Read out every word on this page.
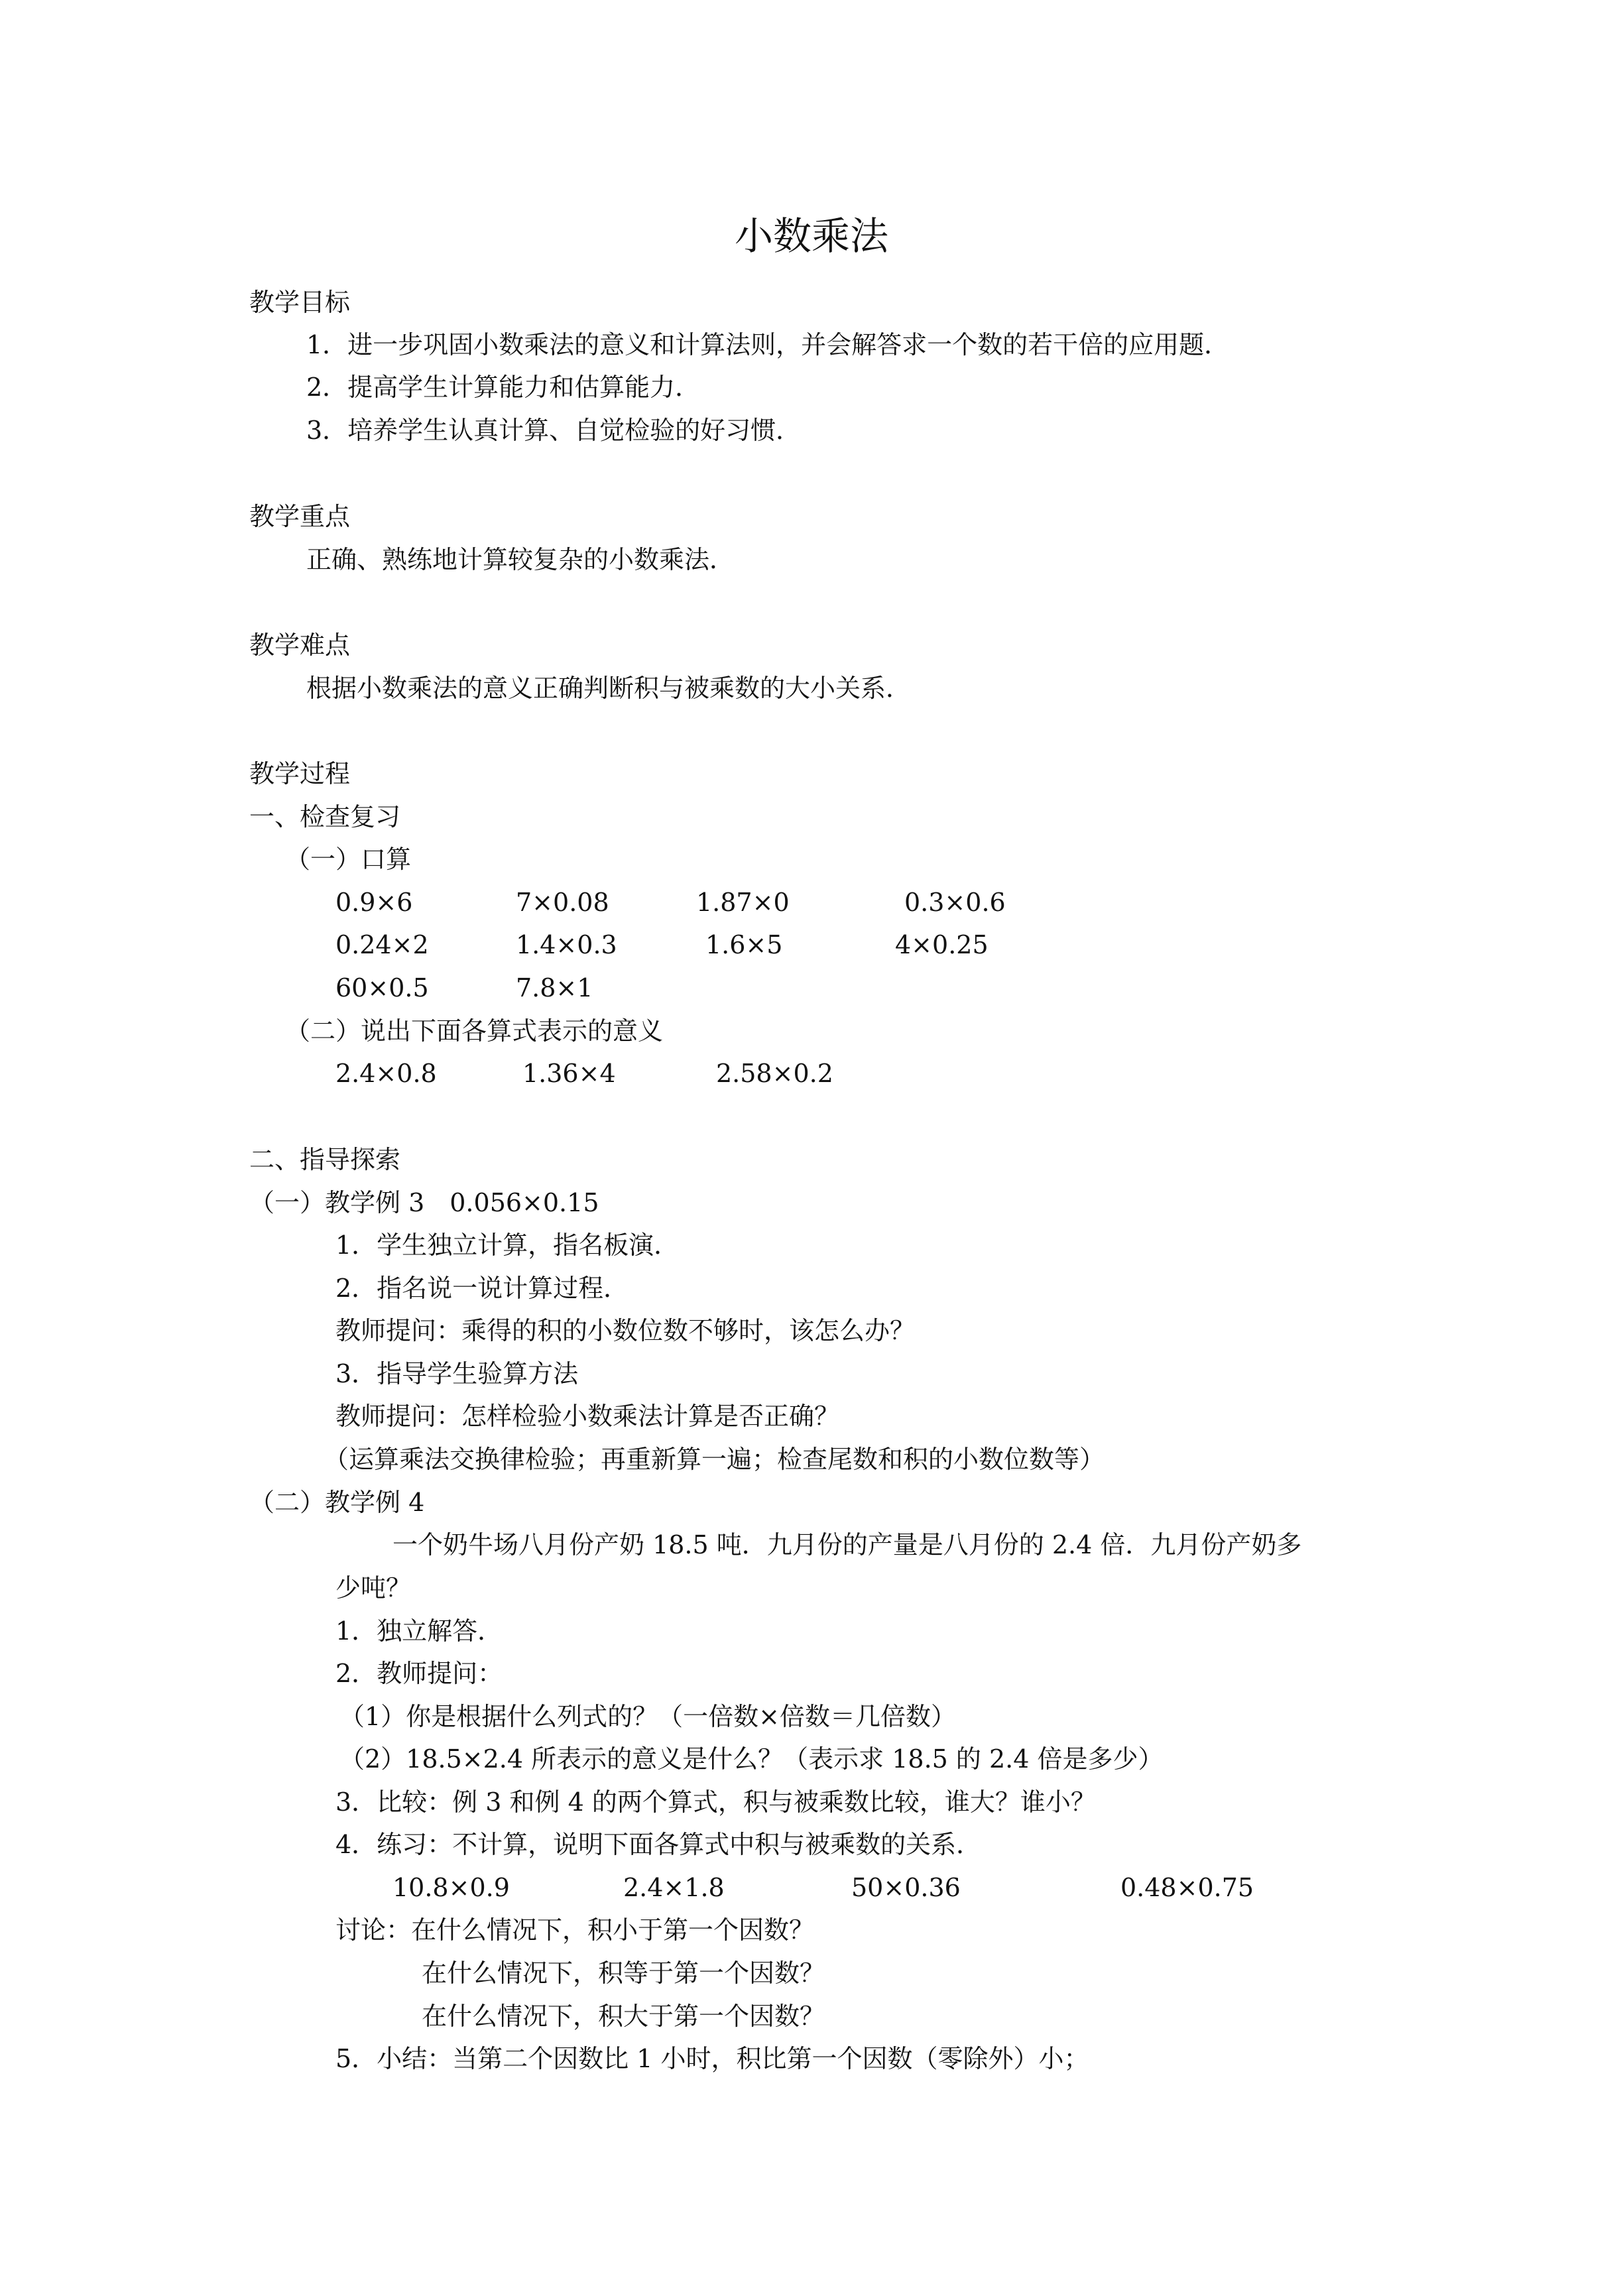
小数乘法
教学目标
1．进一步巩固小数乘法的意义和计算法则，并会解答求一个数的若干倍的应用题．
2．提高学生计算能力和估算能力．
3．培养学生认真计算、自觉检验的好习惯．
教学重点
正确、熟练地计算较复杂的小数乘法．
教学难点
根据小数乘法的意义正确判断积与被乘数的大小关系．
教学过程
一、检查复习
（一）口算
0.9×6	7×0.08	1.87×0	0.3×0.6
0.24×2	1.4×0.3	1.6×5	4×0.25
60×0.5	7.8×1
（二）说出下面各算式表示的意义
2.4×0.8	1.36×4	2.58×0.2
二、指导探索
（一）教学例 3　0.056×0.15
1．学生独立计算，指名板演．
2．指名说一说计算过程．
教师提问：乘得的积的小数位数不够时，该怎么办？
3．指导学生验算方法
教师提问：怎样检验小数乘法计算是否正确？
（运算乘法交换律检验；再重新算一遍；检查尾数和积的小数位数等）
（二）教学例 4
一个奶牛场八月份产奶 18.5 吨．九月份的产量是八月份的 2.4 倍．九月份产奶多
少吨？
1．独立解答．
2．教师提问：
（1）你是根据什么列式的？（一倍数×倍数＝几倍数）
（2）18.5×2.4 所表示的意义是什么？（表示求 18.5 的 2.4 倍是多少）
3．比较：例 3 和例 4 的两个算式，积与被乘数比较，谁大？谁小？
4．练习：不计算，说明下面各算式中积与被乘数的关系．
10.8×0.9	2.4×1.8	50×0.36	0.48×0.75
讨论：在什么情况下，积小于第一个因数？
在什么情况下，积等于第一个因数？
在什么情况下，积大于第一个因数？
5．小结：当第二个因数比 1 小时，积比第一个因数（零除外）小；
